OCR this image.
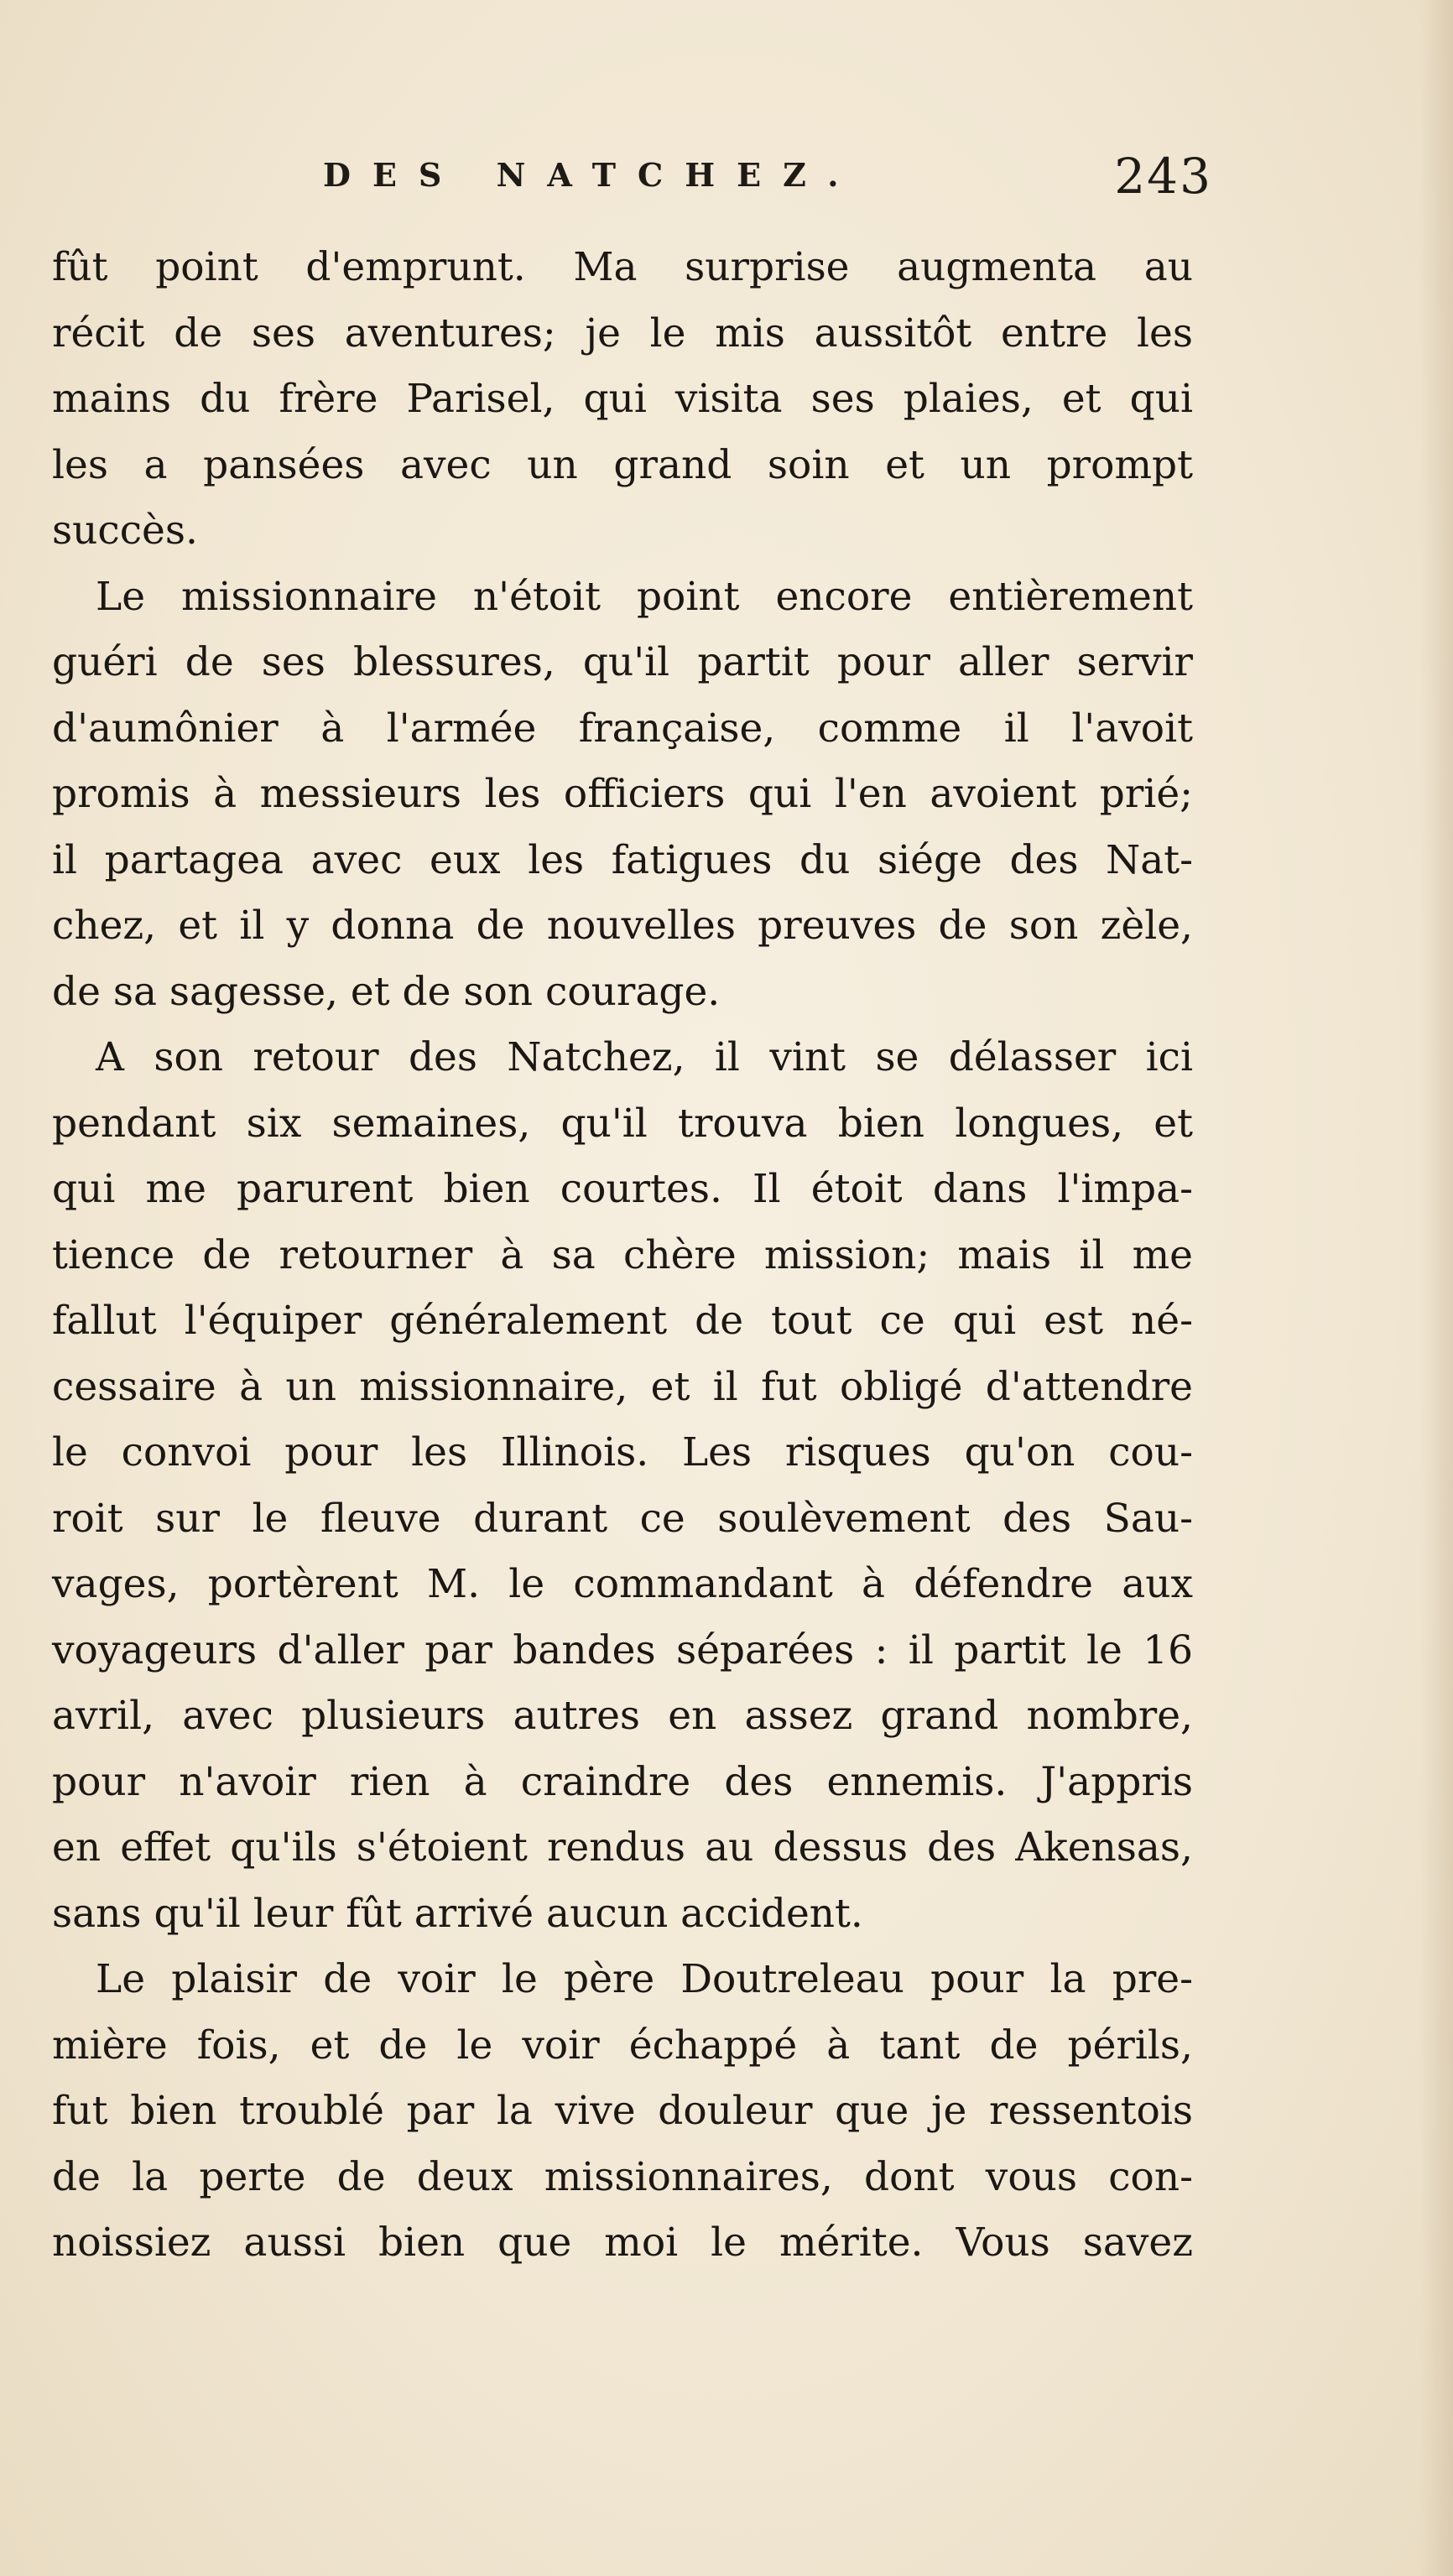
DES NATCHEZ.	243
fût point d'emprunt. Ma surprise augmenta au
récit de ses aventures; je le mis aussitôt entre les
mains du frère Parisel, qui visita ses plaies, et qui
les a pansées avec un grand soin et un prompt
succès.
Le missionnaire n'étoit point encore entièrement
guéri de ses blessures, qu'il partit pour aller servir
d'aumônier à l'armée française, comme il l'avoit
promis à messieurs les officiers qui l'en avoient prié;
il partagea avec eux les fatigues du siége des Nat-
chez, et il y donna de nouvelles preuves de son zèle,
de sa sagesse, et de son courage.
A son retour des Natchez, il vint se délasser ici
pendant six semaines, qu'il trouva bien longues, et
qui me parurent bien courtes. Il étoit dans l'impa-
tience de retourner à sa chère mission; mais il me
fallut l'équiper généralement de tout ce qui est né-
cessaire à un missionnaire, et il fut obligé d'attendre
le convoi pour les Illinois. Les risques qu'on cou-
roit sur le fleuve durant ce soulèvement des Sau-
vages, portèrent M. le commandant à défendre aux
voyageurs d'aller par bandes séparées : il partit le 16
avril, avec plusieurs autres en assez grand nombre,
pour n'avoir rien à craindre des ennemis. J'appris
en effet qu'ils s'étoient rendus au dessus des Akensas,
sans qu'il leur fût arrivé aucun accident.
Le plaisir de voir le père Doutreleau pour la pre-
mière fois, et de le voir échappé à tant de périls,
fut bien troublé par la vive douleur que je ressentois
de la perte de deux missionnaires, dont vous con-
noissiez aussi bien que moi le mérite. Vous savez
